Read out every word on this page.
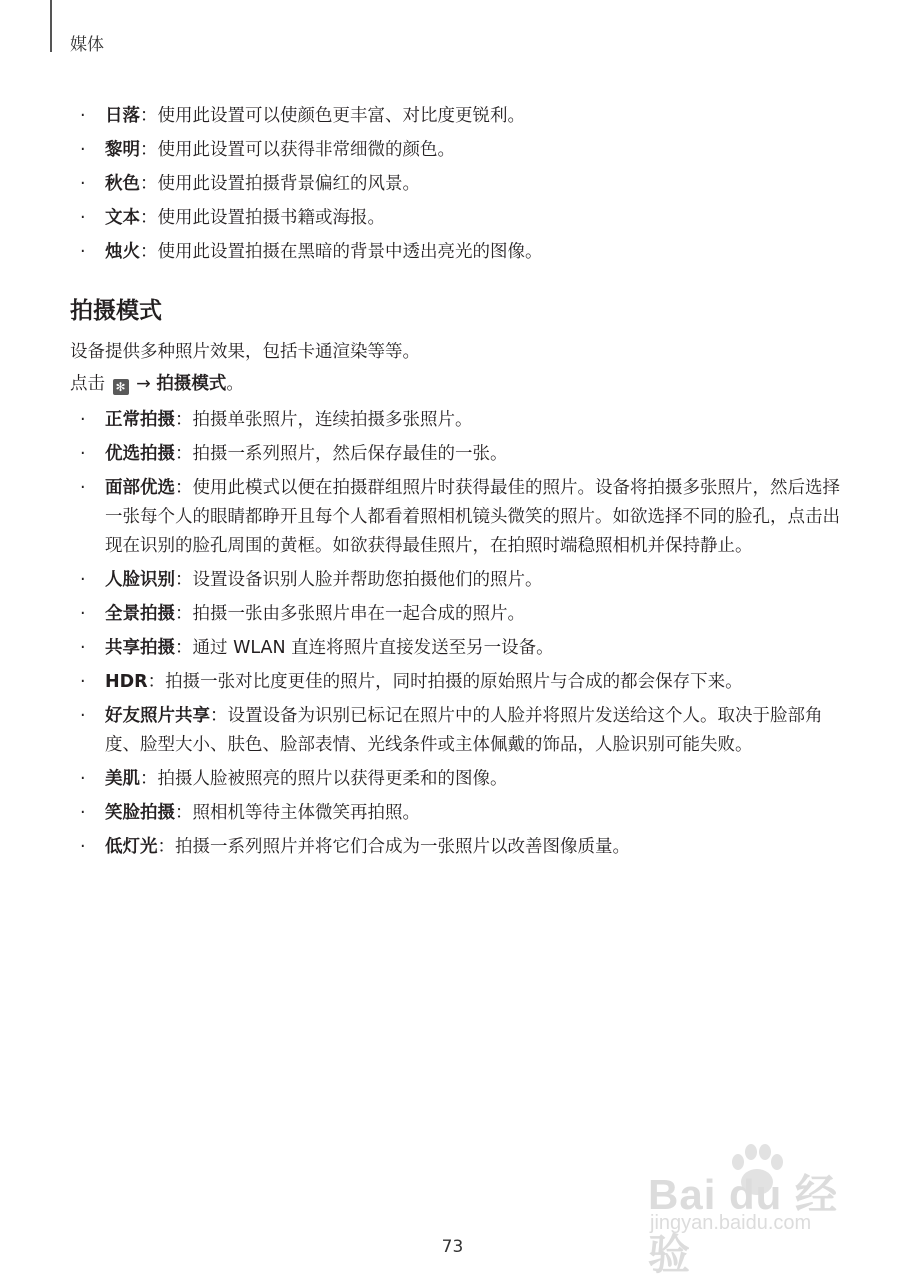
媒体
· 日落：使用此设置可以使颜色更丰富、对比度更锐利。
· 黎明：使用此设置可以获得非常细微的颜色。
· 秋色：使用此设置拍摄背景偏红的风景。
· 文本：使用此设置拍摄书籍或海报。
· 烛火：使用此设置拍摄在黑暗的背景中透出亮光的图像。
拍摄模式

设备提供多种照片效果，包括卡通渲染等等。

点击 ✻ → 拍摄模式。

· 正常拍摄：拍摄单张照片，连续拍摄多张照片。
· 优选拍摄：拍摄一系列照片，然后保存最佳的一张。
· 面部优选：使用此模式以便在拍摄群组照片时获得最佳的照片。设备将拍摄多张照片，然后选择一张每个人的眼睛都睁开且每个人都看着照相机镜头微笑的照片。如欲选择不同的脸孔，点击出现在识别的脸孔周围的黄框。如欲获得最佳照片，在拍照时端稳照相机并保持静止。
· 人脸识别：设置设备识别人脸并帮助您拍摄他们的照片。
· 全景拍摄：拍摄一张由多张照片串在一起合成的照片。
· 共享拍摄：通过 WLAN 直连将照片直接发送至另一设备。
· HDR：拍摄一张对比度更佳的照片，同时拍摄的原始照片与合成的都会保存下来。
· 好友照片共享：设置设备为识别已标记在照片中的人脸并将照片发送给这个人。取决于脸部角度、脸型大小、肤色、脸部表情、光线条件或主体佩戴的饰品，人脸识别可能失败。
· 美肌：拍摄人脸被照亮的照片以获得更柔和的图像。
· 笑脸拍摄：照相机等待主体微笑再拍照。
· 低灯光：拍摄一系列照片并将它们合成为一张照片以改善图像质量。
Bai du 经验
jingyan.baidu.com
73
